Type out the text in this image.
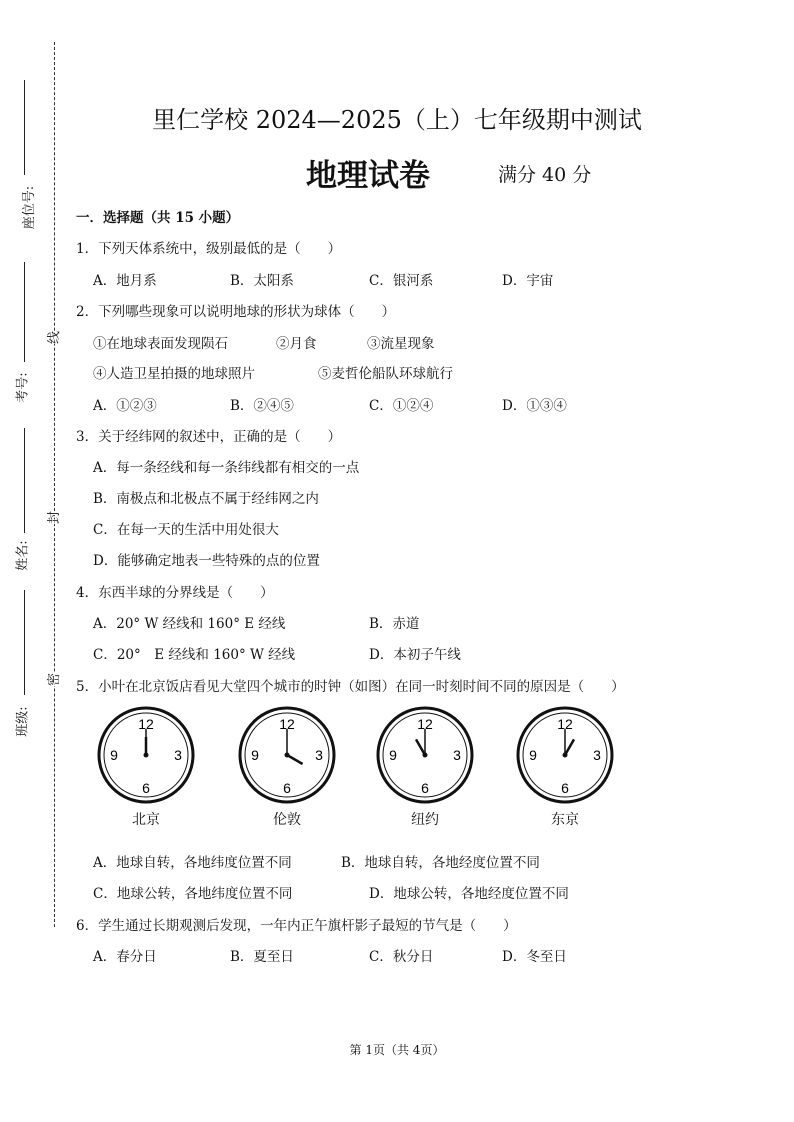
座位号:
考号:
姓名:
班级:
线
封
密
里仁学校 2024—2025（上）七年级期中测试
地理试卷	满分 40 分
一．选择题（共 15 小题）
1．下列天体系统中，级别最低的是（　　）
A．地月系	B．太阳系	C．银河系	D．宇宙
2．下列哪些现象可以说明地球的形状为球体（　　）
①在地球表面发现陨石	②月食	③流星现象
④人造卫星拍摄的地球照片	⑤麦哲伦船队环球航行
A．①②③	B．②④⑤	C．①②④	D．①③④
3．关于经纬网的叙述中，正确的是（　　）
A．每一条经线和每一条纬线都有相交的一点
B．南极点和北极点不属于经纬网之内
C．在每一天的生活中用处很大
D．能够确定地表一些特殊的点的位置
4．东西半球的分界线是（　　）
A．20° W 经线和 160° E 经线	B．赤道
C．20°　E 经线和 160° W 经线	D．本初子午线
5．小叶在北京饭店看见大堂四个城市的时钟（如图）在同一时刻时间不同的原因是（　　）
12
3
6
9
北京
12
3
6
9
伦敦
12
3
6
9
纽约
12
3
6
9
东京
A．地球自转，各地纬度位置不同	B．地球自转，各地经度位置不同
C．地球公转，各地纬度位置不同	D．地球公转，各地经度位置不同
6．学生通过长期观测后发现，一年内正午旗杆影子最短的节气是（　　）
A．春分日	B．夏至日	C．秋分日	D．冬至日
第 1页（共 4页）
